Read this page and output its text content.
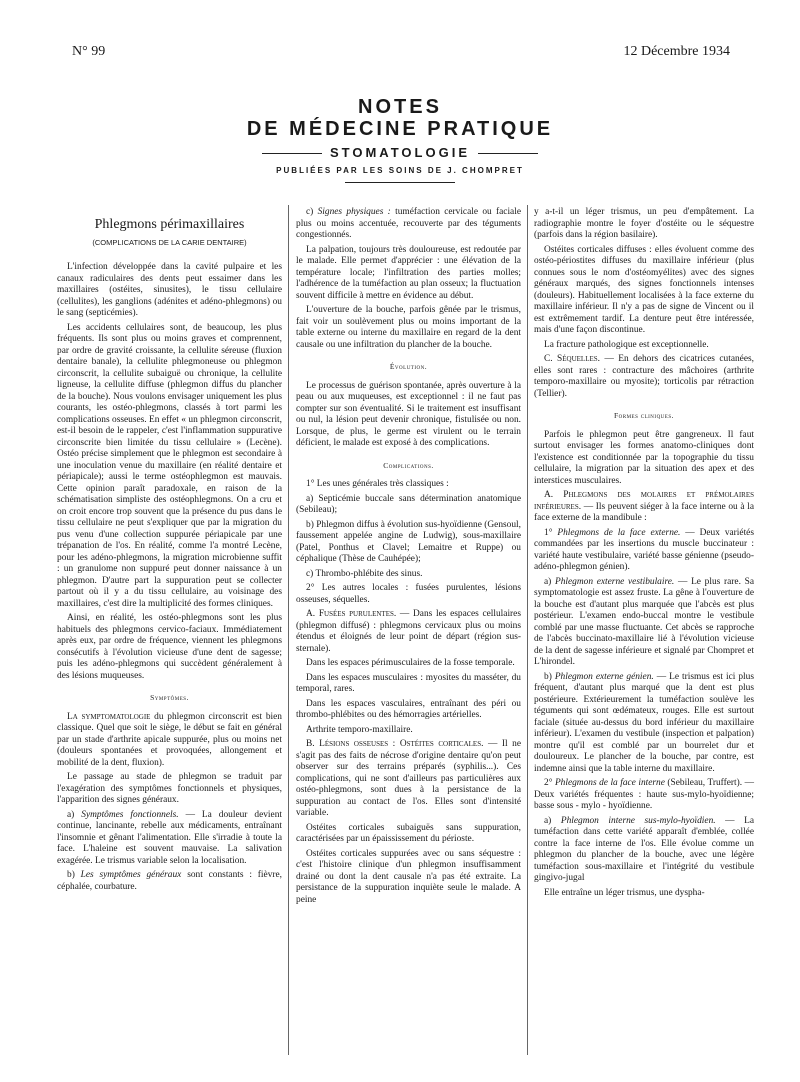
N° 99	12 Décembre 1934
NOTES
DE MÉDECINE PRATIQUE
STOMATOLOGIE
PUBLIÉES PAR LES SOINS DE J. CHOMPRET
Phlegmons périmaxillaires
(COMPLICATIONS DE LA CARIE DENTAIRE)

L'infection développée dans la cavité pulpaire et les canaux radiculaires des dents peut essaimer dans les maxillaires (ostéites, sinusites), le tissu cellulaire (cellulites), les ganglions (adénites et adéno-phlegmons) ou le sang (septicémies).

Les accidents cellulaires sont, de beaucoup, les plus fréquents. Ils sont plus ou moins graves et comprennent, par ordre de gravité croissante, la cellulite séreuse (fluxion dentaire banale), la cellulite phlegmoneuse ou phlegmon circonscrit, la cellulite subaiguë ou chronique, la cellulite ligneuse, la cellulite diffuse (phlegmon diffus du plancher de la bouche). Nous voulons envisager uniquement les plus courants, les ostéo-phlegmons, classés à tort parmi les complications osseuses. En effet « un phlegmon circonscrit, est-il besoin de le rappeler, c'est l'inflammation suppurative circonscrite bien limitée du tissu cellulaire » (Lecène). Ostéo précise simplement que le phlegmon est secondaire à une inoculation venue du maxillaire (en réalité dentaire et périapicale); aussi le terme ostéophlegmon est mauvais. Cette opinion paraît paradoxale, en raison de la schématisation simpliste des ostéophlegmons. On a cru et on croit encore trop souvent que la présence du pus dans le tissu cellulaire ne peut s'expliquer que par la migration du pus venu d'une collection suppurée périapicale par une trépanation de l'os. En réalité, comme l'a montré Lecène, pour les adéno-phlegmons, la migration microbienne suffit : un granulome non suppuré peut donner naissance à un phlegmon. D'autre part la suppuration peut se collecter partout où il y a du tissu cellulaire, au voisinage des maxillaires, c'est dire la multiplicité des formes cliniques.

Ainsi, en réalité, les ostéo-phlegmons sont les plus habituels des phlegmons cervico-faciaux. Immédiatement après eux, par ordre de fréquence, viennent les phlegmons consécutifs à l'évolution vicieuse d'une dent de sagesse; puis les adéno-phlegmons qui succèdent généralement à des lésions muqueuses.

Symptômes.

La symptomatologie du phlegmon circonscrit est bien classique. Quel que soit le siège, le début se fait en général par un stade d'arthrite apicale suppurée, plus ou moins net (douleurs spontanées et provoquées, allongement et mobilité de la dent, fluxion).

Le passage au stade de phlegmon se traduit par l'exagération des symptômes fonctionnels et physiques, l'apparition des signes généraux.

a) Symptômes fonctionnels. — La douleur devient continue, lancinante, rebelle aux médicaments, entraînant l'insomnie et gênant l'alimentation. Elle s'irradie à toute la face. L'haleine est souvent mauvaise. La salivation exagérée. Le trismus variable selon la localisation.

b) Les symptômes généraux sont constants : fièvre, céphalée, courbature.

c) Signes physiques : tuméfaction cervicale ou faciale plus ou moins accentuée, recouverte par des téguments congestionnés.

La palpation, toujours très douloureuse, est redoutée par le malade. Elle permet d'apprécier : une élévation de la température locale; l'infiltration des parties molles; l'adhérence de la tuméfaction au plan osseux; la fluctuation souvent difficile à mettre en évidence au début.

L'ouverture de la bouche, parfois gênée par le trismus, fait voir un soulèvement plus ou moins important de la table externe ou interne du maxillaire en regard de la dent causale ou une infiltration du plancher de la bouche.

Évolution.

Le processus de guérison spontanée, après ouverture à la peau ou aux muqueuses, est exceptionnel : il ne faut pas compter sur son éventualité. Si le traitement est insuffisant ou nul, la lésion peut devenir chronique, fistulisée ou non. Lorsque, de plus, le germe est virulent ou le terrain déficient, le malade est exposé à des complications.

Complications.

1° Les unes générales très classiques :

a) Septicémie buccale sans détermination anatomique (Sebileau);

b) Phlegmon diffus à évolution sus-hyoïdienne (Gensoul, faussement appelée angine de Ludwig), sous-maxillaire (Patel, Ponthus et Clavel; Lemaitre et Ruppe) ou céphalique (Thèse de Cauhépée);

c) Thrombo-phlébite des sinus.

2° Les autres locales : fusées purulentes, lésions osseuses, séquelles.

A. Fusées purulentes. — Dans les espaces cellulaires (phlegmon diffusé) : phlegmons cervicaux plus ou moins étendus et éloignés de leur point de départ (région sus-sternale).

Dans les espaces périmusculaires de la fosse temporale.

Dans les espaces musculaires : myosites du masséter, du temporal, rares.

Dans les espaces vasculaires, entraînant des péri ou thrombo-phlébites ou des hémorragies artérielles.

Arthrite temporo-maxillaire.

B. Lésions osseuses : Ostéites corticales. — Il ne s'agit pas des faits de nécrose d'origine dentaire qu'on peut observer sur des terrains préparés (syphilis...). Ces complications, qui ne sont d'ailleurs pas particulières aux ostéo-phlegmons, sont dues à la persistance de la suppuration au contact de l'os. Elles sont d'intensité variable.

Ostéites corticales subaiguës sans suppuration, caractérisées par un épaississement du périoste.

Ostéites corticales suppurées avec ou sans séquestre : c'est l'histoire clinique d'un phlegmon insuffisamment drainé ou dont la dent causale n'a pas été extraite. La persistance de la suppuration inquiète seule le malade. A peine

y a-t-il un léger trismus, un peu d'empâtement. La radiographie montre le foyer d'ostéite ou le séquestre (parfois dans la région basilaire).

Ostéites corticales diffuses : elles évoluent comme des ostéo-périostites diffuses du maxillaire inférieur (plus connues sous le nom d'ostéomyélites) avec des signes généraux marqués, des signes fonctionnels intenses (douleurs). Habituellement localisées à la face externe du maxillaire inférieur. Il n'y a pas de signe de Vincent ou il est extrêmement tardif. La denture peut être intéressée, mais d'une façon discontinue.

La fracture pathologique est exceptionnelle.

C. Séquelles. — En dehors des cicatrices cutanées, elles sont rares : contracture des mâchoires (arthrite temporo-maxillaire ou myosite); torticolis par rétraction (Tellier).

Formes cliniques.

Parfois le phlegmon peut être gangreneux. Il faut surtout envisager les formes anatomo-cliniques dont l'existence est conditionnée par la topographie du tissu cellulaire, la migration par la situation des apex et des interstices musculaires.

A. Phlegmons des molaires et prémolaires inférieures. — Ils peuvent siéger à la face interne ou à la face externe de la mandibule :

1° Phlegmons de la face externe. — Deux variétés commandées par les insertions du muscle buccinateur : variété haute vestibulaire, variété basse génienne (pseudo-adéno-phlegmon génien).

a) Phlegmon externe vestibulaire. — Le plus rare. Sa symptomatologie est assez fruste. La gêne à l'ouverture de la bouche est d'autant plus marquée que l'abcès est plus postérieur. L'examen endo-buccal montre le vestibule comblé par une masse fluctuante. Cet abcès se rapproche de l'abcès buccinato-maxillaire lié à l'évolution vicieuse de la dent de sagesse inférieure et signalé par Chompret et L'hirondel.

b) Phlegmon externe génien. — Le trismus est ici plus fréquent, d'autant plus marqué que la dent est plus postérieure. Extérieurement la tuméfaction soulève les téguments qui sont œdémateux, rouges. Elle est surtout faciale (située au-dessus du bord inférieur du maxillaire inférieur). L'examen du vestibule (inspection et palpation) montre qu'il est comblé par un bourrelet dur et douloureux. Le plancher de la bouche, par contre, est indemne ainsi que la table interne du maxillaire.

2° Phlegmons de la face interne (Sebileau, Truffert). — Deux variétés fréquentes : haute sus-mylo-hyoïdienne; basse sous - mylo - hyoïdienne.

a) Phlegmon interne sus-mylo-hyoïdien. — La tuméfaction dans cette variété apparaît d'emblée, collée contre la face interne de l'os. Elle évolue comme un phlegmon du plancher de la bouche, avec une légère tuméfaction sous-maxillaire et l'intégrité du vestibule gingivo-jugal

Elle entraîne un léger trismus, une dyspha-
